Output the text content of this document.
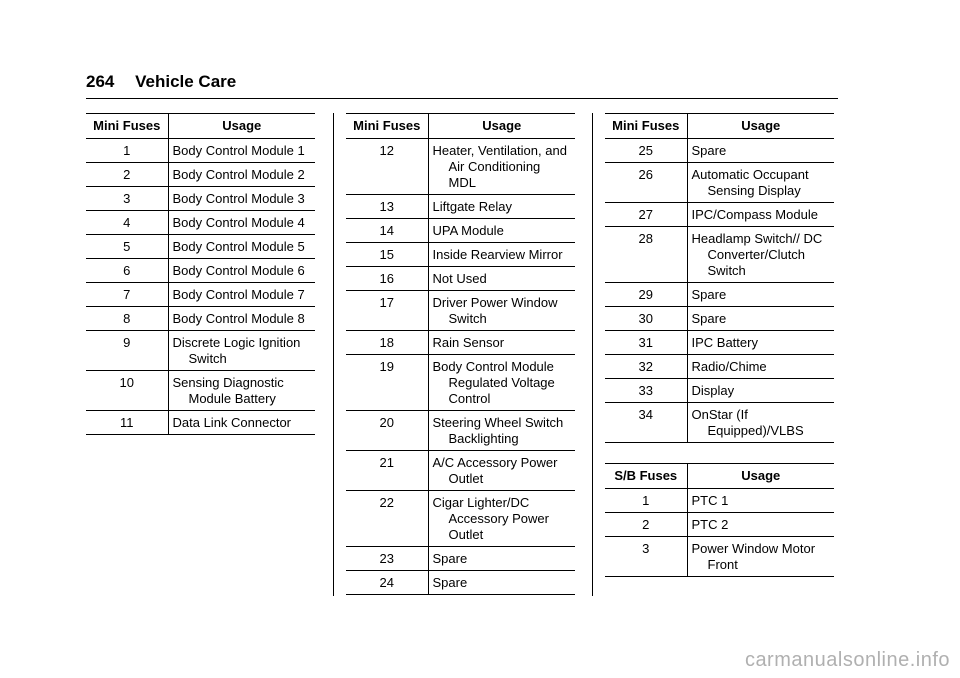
264 Vehicle Care
Mini Fuses	Usage
1	Body Control Module 1

2	Body Control Module 2

3	Body Control Module 3

4	Body Control Module 4

5	Body Control Module 5

6	Body Control Module 6

7	Body Control Module 7

8	Body Control Module 8

9	Discrete Logic Ignition Switch

10	Sensing Diagnostic Module Battery

11	Data Link Connector
Mini Fuses	Usage
12	Heater, Ventilation, and Air Conditioning MDL

13	Liftgate Relay

14	UPA Module

15	Inside Rearview Mirror

16	Not Used

17	Driver Power Window Switch

18	Rain Sensor

19	Body Control Module Regulated Voltage Control

20	Steering Wheel Switch Backlighting

21	A/C Accessory Power Outlet

22	Cigar Lighter/DC Accessory Power Outlet

23	Spare

24	Spare
Mini Fuses	Usage
25	Spare

26	Automatic Occupant Sensing Display

27	IPC/Compass Module

28	Headlamp Switch// DC Converter/Clutch Switch

29	Spare

30	Spare

31	IPC Battery

32	Radio/Chime

33	Display

34	OnStar (If Equipped)/VLBS
S/B Fuses	Usage
1	PTC 1

2	PTC 2

3	Power Window Motor Front
carmanualsonline.info
